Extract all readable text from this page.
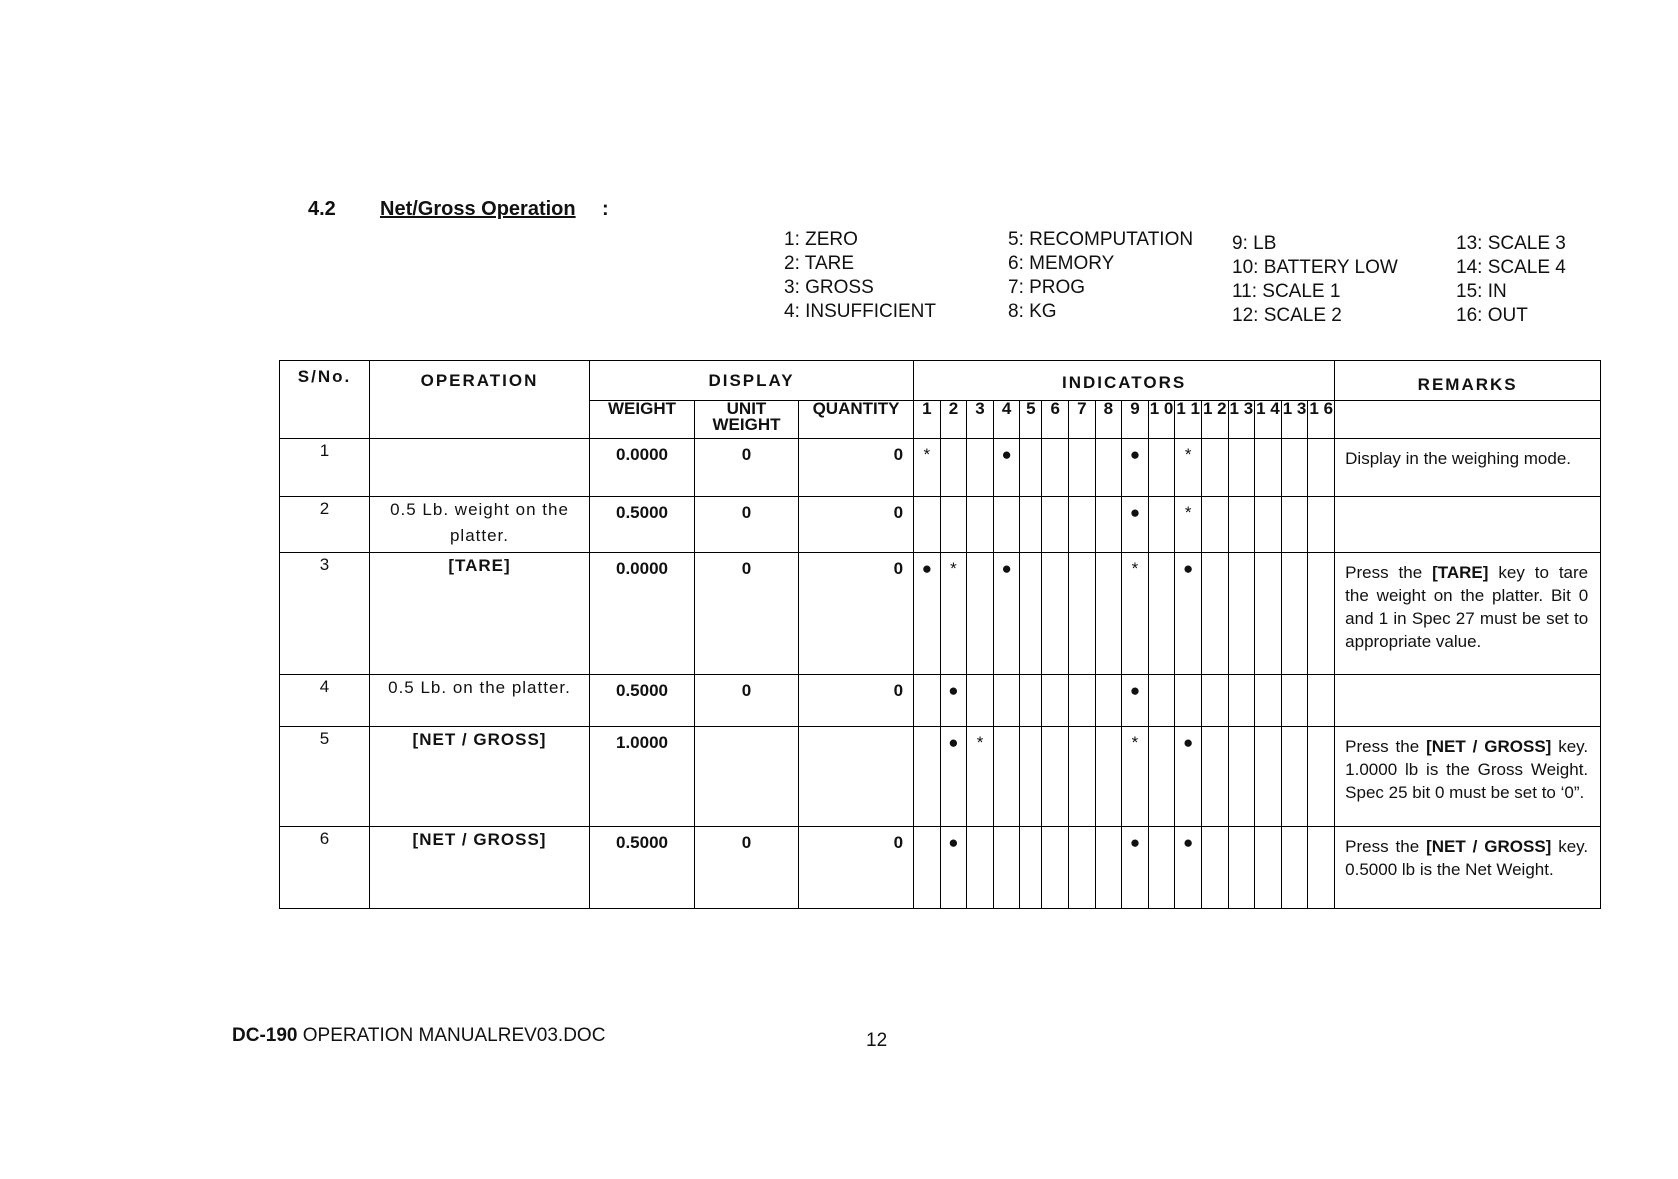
4.2 Net/Gross Operation :
1: ZERO
2: TARE
3: GROSS
4: INSUFFICIENT
5: RECOMPUTATION
6: MEMORY
7: PROG
8: KG
9: LB
10: BATTERY LOW
11: SCALE 1
12: SCALE 2
13: SCALE 3
14: SCALE 4
15: IN
16: OUT
S/No.	OPERATION	DISPLAY			INDICATORS																REMARKS
		WEIGHT	UNIT WEIGHT	QUANTITY	1	2	3	4	5	6	7	8	9	1 0	1 1	1 2	1 3	1 4	1 3	1 6	
1		0.0000	0	0	*			●					●		*						Display in the weighing mode.
2	0.5 Lb. weight on the platter.	0.5000	0	0									●		*						
3	[TARE]	0.0000	0	0	●	*		●					*		●						Press the [TARE] key to tare the weight on the platter. Bit 0 and 1 in Spec 27 must be set to appropriate value.
4	0.5 Lb. on the platter.	0.5000	0	0		●							●								
5	[NET / GROSS]	1.0000				●	*						*		●						Press the [NET / GROSS] key. 1.0000 lb is the Gross Weight. Spec 25 bit 0 must be set to ‘0”.
6	[NET / GROSS]	0.5000	0	0		●							●		●						Press the [NET / GROSS] key. 0.5000 lb is the Net Weight.
DC-190 OPERATION MANUALREV03.DOC	12
